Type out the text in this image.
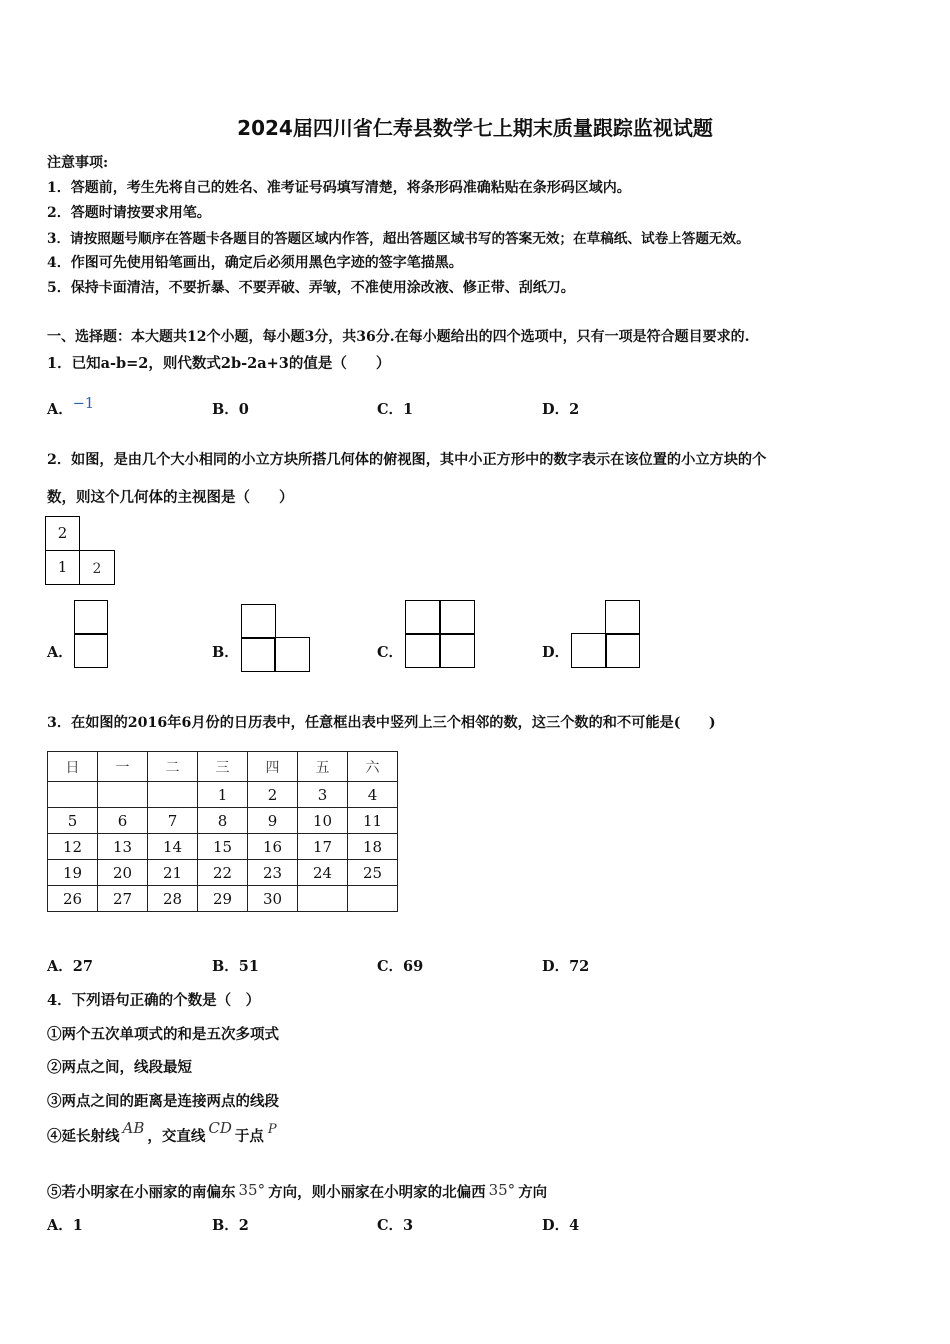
2024届四川省仁寿县数学七上期末质量跟踪监视试题
注意事项:
1．答题前，考生先将自己的姓名、准考证号码填写清楚，将条形码准确粘贴在条形码区域内。
2．答题时请按要求用笔。
3．请按照题号顺序在答题卡各题目的答题区域内作答，超出答题区域书写的答案无效；在草稿纸、试卷上答题无效。
4．作图可先使用铅笔画出，确定后必须用黑色字迹的签字笔描黑。
5．保持卡面清洁，不要折暴、不要弄破、弄皱，不准使用涂改液、修正带、刮纸刀。
一、选择题：本大题共12个小题，每小题3分，共36分.在每小题给出的四个选项中，只有一项是符合题目要求的.
1．已知a-b=2，则代数式2b-2a+3的值是（　　）
A．−1	B．0	C．1	D．2
2．如图，是由几个大小相同的小立方块所搭几何体的俯视图，其中小正方形中的数字表示在该位置的小立方块的个
数，则这个几何体的主视图是（　　）
2
1	2
A．	B．	C．	D．
3．在如图的2016年6月份的日历表中，任意框出表中竖列上三个相邻的数，这三个数的和不可能是(　　)
日	一	二	三	四	五	六
			1	2	3	4
5	6	7	8	9	10	11
12	13	14	15	16	17	18
19	20	21	22	23	24	25
26	27	28	29	30		
A．27	B．51	C．69	D．72
4．下列语句正确的个数是（　）
①两个五次单项式的和是五次多项式
②两点之间，线段最短
③两点之间的距离是连接两点的线段
④延长射线 AB ，交直线 CD 于点 P
⑤若小明家在小丽家的南偏东 35° 方向，则小丽家在小明家的北偏西 35° 方向
A．1	B．2	C．3	D．4
